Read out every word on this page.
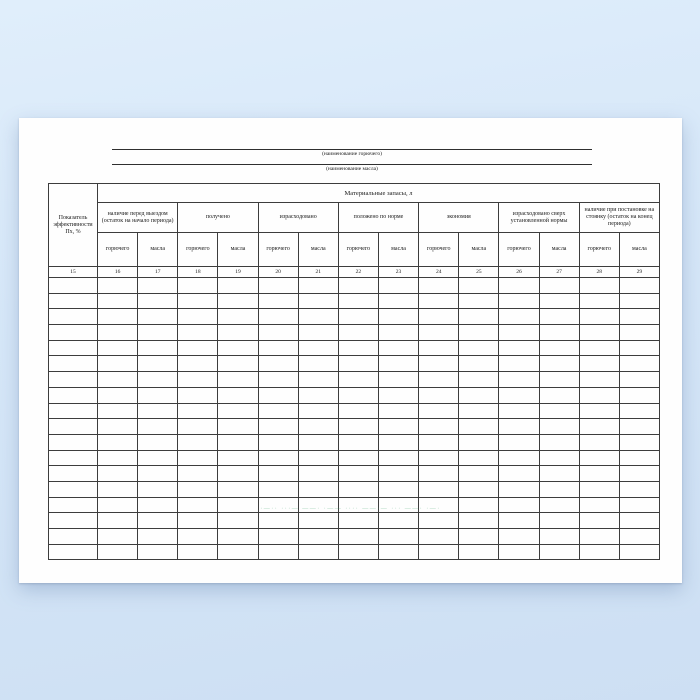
(наименование горючего)
(наименование масла)
Показатель эффективности Пх, %	Материальные запасы, л													
	наличие перед выездом (остаток на начало периода)		получено		израсходовано		положено по норме		экономия		израсходовано сверх установленной нормы		наличие при постановке на стоянку (остаток на конец периода)	
	горючего	масла	горючего	масла	горючего	масла	горючего	масла	горючего	масла	горючего	масла	горючего	масла
15	16	17	18	19	20	21	22	23	24	25	26	27	28	29

·—·· ···— ——· ·—— ···· ——·— ··· ——· ·—·
